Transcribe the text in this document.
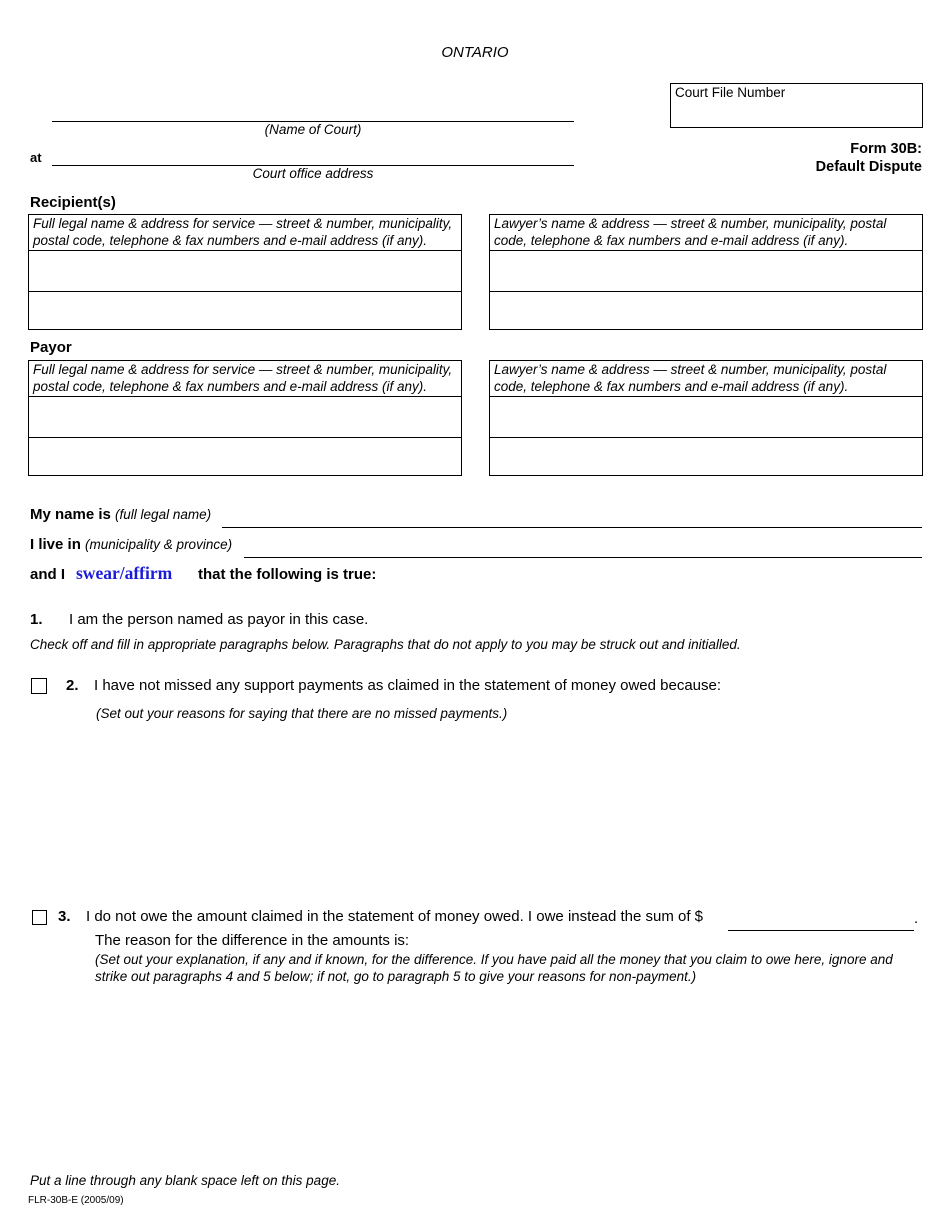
ONTARIO
Court File Number
(Name of Court)
at
Court office address
Form 30B:
Default Dispute
Recipient(s)
Full legal name & address for service — street & number, municipality, postal code, telephone & fax numbers and e-mail address (if any).
Lawyer’s name & address — street & number, municipality, postal code, telephone & fax numbers and e-mail address (if any).
Payor
Full legal name & address for service — street & number, municipality, postal code, telephone & fax numbers and e-mail address (if any).
Lawyer’s name & address — street & number, municipality, postal code, telephone & fax numbers and e-mail address (if any).
My name is (full legal name)
I live in (municipality & province)
and I swear/affirm that the following is true:
1. I am the person named as payor in this case.
Check off and fill in appropriate paragraphs below. Paragraphs that do not apply to you may be struck out and initialled.
2. I have not missed any support payments as claimed in the statement of money owed because:
(Set out your reasons for saying that there are no missed payments.)
3. I do not owe the amount claimed in the statement of money owed. I owe instead the sum of $	.
The reason for the difference in the amounts is:
(Set out your explanation, if any and if known, for the difference. If you have paid all the money that you claim to owe here, ignore and strike out paragraphs 4 and 5 below; if not, go to paragraph 5 to give your reasons for non-payment.)
Put a line through any blank space left on this page.
FLR-30B-E (2005/09)
